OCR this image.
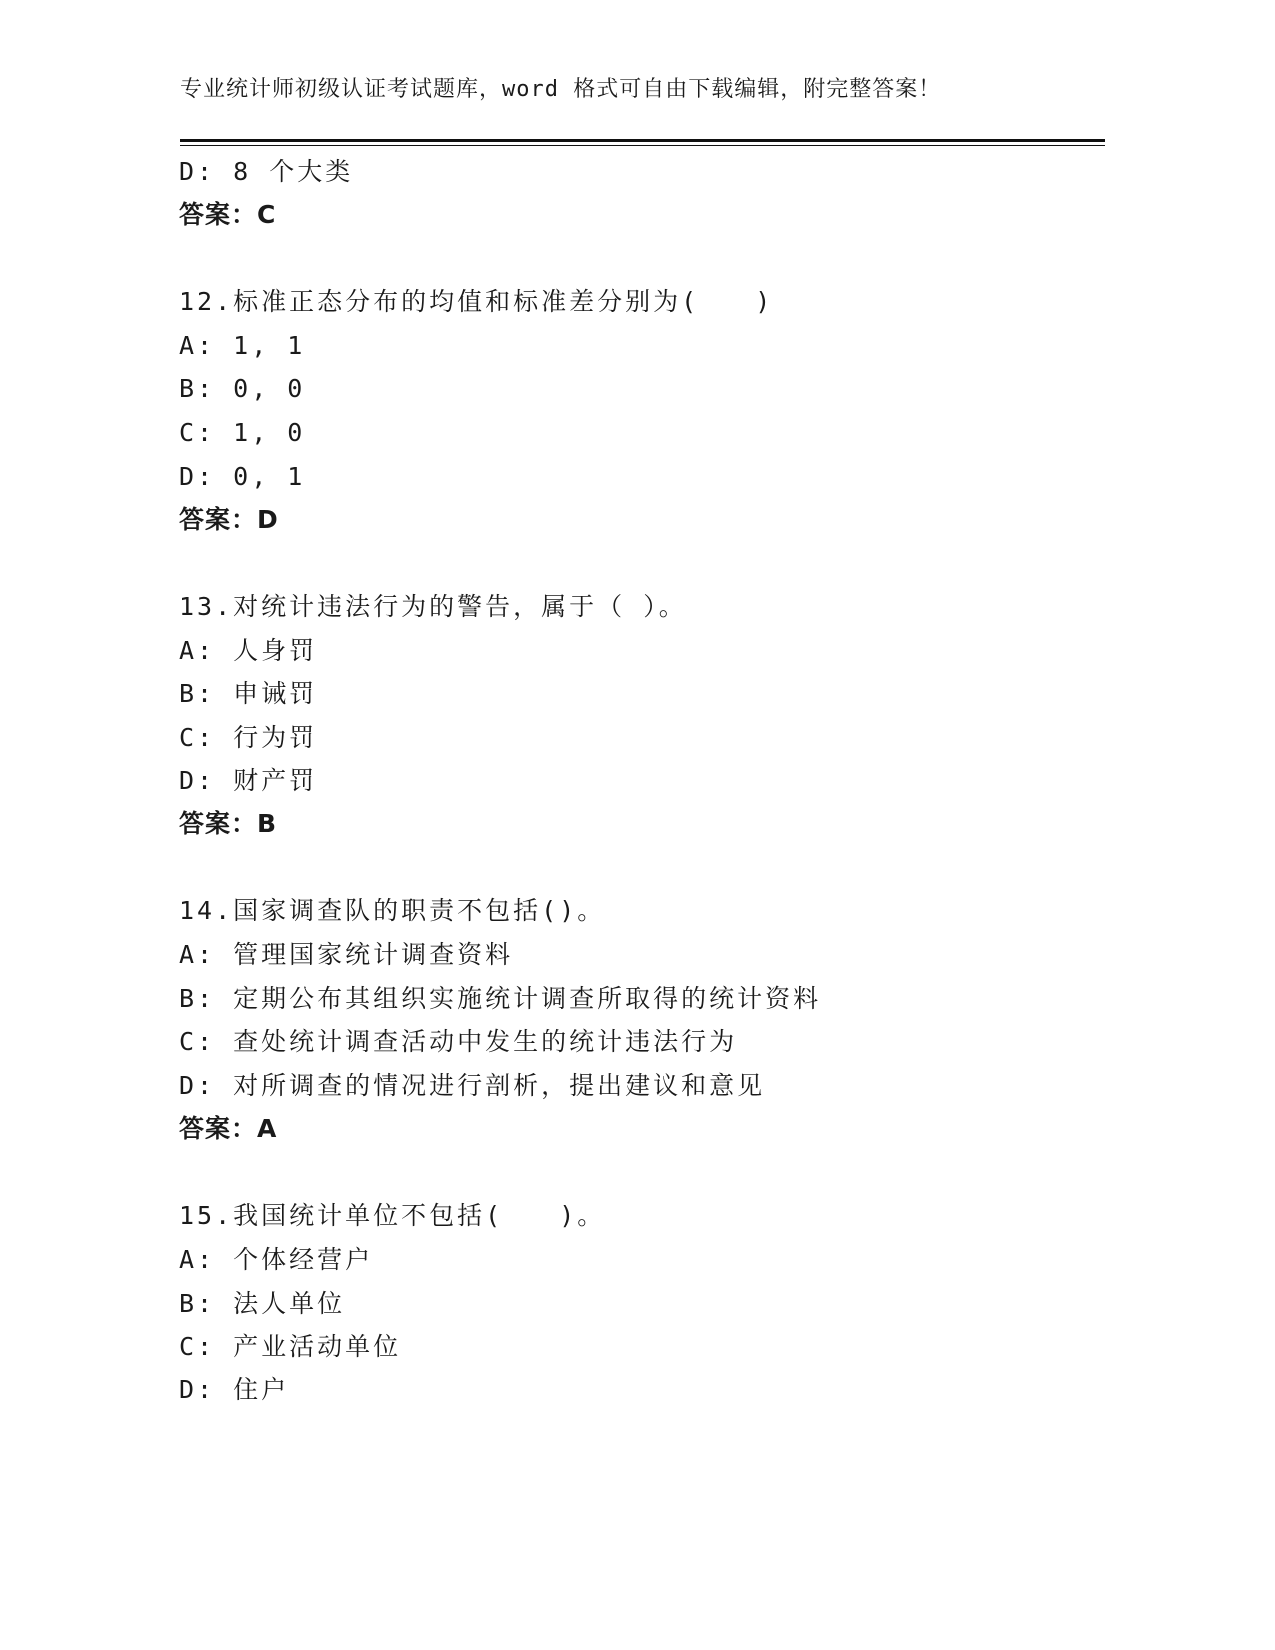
专业统计师初级认证考试题库，word 格式可自由下载编辑，附完整答案！
D: 8 个大类
答案：C
12.标准正态分布的均值和标准差分别为(　　)
A: 1, 1
B: 0, 0
C: 1, 0
D: 0, 1
答案：D
13.对统计违法行为的警告，属于（ ）。
A: 人身罚
B: 申诫罚
C: 行为罚
D: 财产罚
答案：B
14.国家调查队的职责不包括()。
A: 管理国家统计调查资料
B: 定期公布其组织实施统计调查所取得的统计资料
C: 查处统计调查活动中发生的统计违法行为
D: 对所调查的情况进行剖析，提出建议和意见
答案：A
15.我国统计单位不包括(　　)。
A: 个体经营户
B: 法人单位
C: 产业活动单位
D: 住户
